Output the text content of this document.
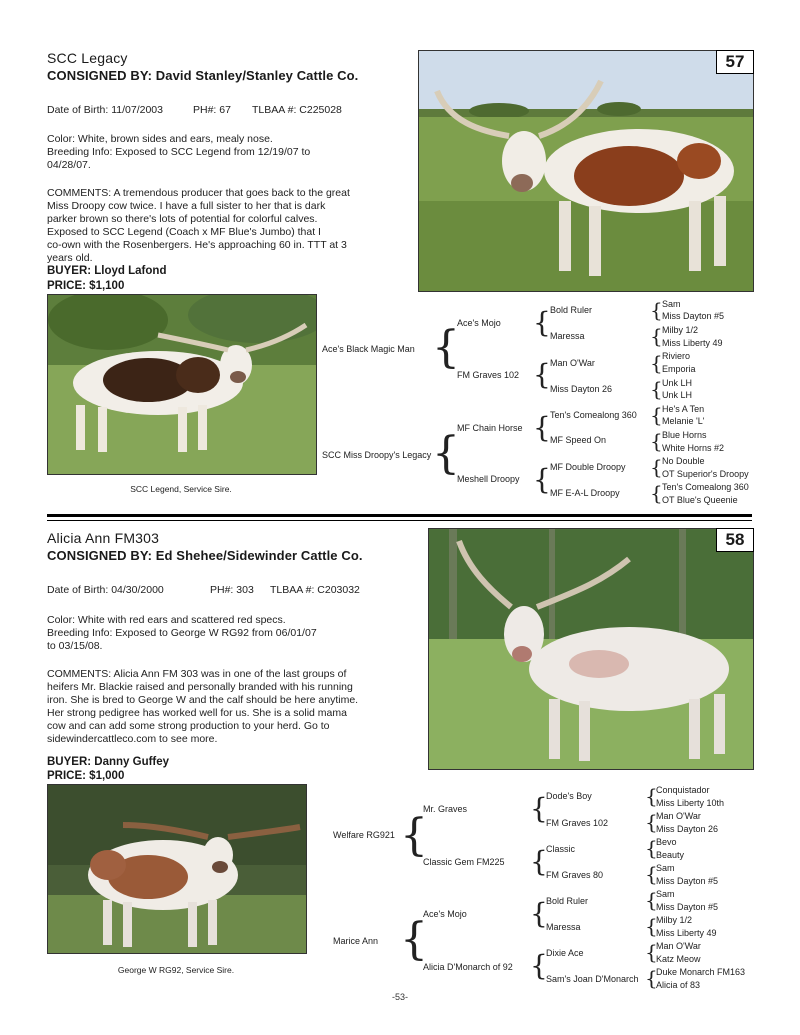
SCC Legacy
CONSIGNED BY: David Stanley/Stanley Cattle Co.
Date of Birth: 11/07/2003	PH#: 67 TLBAA #: C225028
Color: White, brown sides and ears, mealy nose.
Breeding Info: Exposed to SCC Legend from 12/19/07 to
04/28/07.
COMMENTS: A tremendous producer that goes back to the great
Miss Droopy cow twice. I have a full sister to her that is dark
parker brown so there's lots of potential for colorful calves.
Exposed to SCC Legend (Coach x MF Blue's Jumbo) that I
co-own with the Rosenbergers. He's approaching 60 in. TTT at 3
years old.
BUYER: Lloyd Lafond
PRICE: $1,100
57
SCC Legend, Service Sire.
Ace's Black Magic Man
SCC Miss Droopy's Legacy
{
{
Ace's Mojo
FM Graves 102
MF Chain Horse
Meshell Droopy
{
{
{
{
Bold Ruler
Maressa
Man O'War
Miss Dayton 26
Ten's Comealong 360
MF Speed On
MF Double Droopy
MF E-A-L Droopy
{
{
{
{
{
{
{
{
Sam
Miss Dayton #5
Milby 1/2
Miss Liberty 49
Riviero
Emporia
Unk LH
Unk LH
He's A Ten
Melanie 'L'
Blue Horns
White Horns #2
No Double
OT Superior's Droopy
Ten's Comealong 360
OT Blue's Queenie
Alicia Ann FM303
CONSIGNED BY: Ed Shehee/Sidewinder Cattle Co.
Date of Birth: 04/30/2000	PH#: 303 TLBAA #: C203032
Color: White with red ears and scattered red specs.
Breeding Info: Exposed to George W RG92 from 06/01/07
to 03/15/08.
COMMENTS: Alicia Ann FM 303 was in one of the last groups of
heifers Mr. Blackie raised and personally branded with his running
iron. She is bred to George W and the calf should be here anytime.
Her strong pedigree has worked well for us. She is a solid mama
cow and can add some strong production to your herd. Go to
sidewindercattleco.com to see more.
BUYER: Danny Guffey
PRICE: $1,000
58
George W RG92, Service Sire.
Welfare RG921
Marice Ann
{
{
Mr. Graves
Classic Gem FM225
Ace's Mojo
Alicia D'Monarch of 92
{
{
{
{
Dode's Boy
FM Graves 102
Classic
FM Graves 80
Bold Ruler
Maressa
Dixie Ace
Sam's Joan D'Monarch
{
{
{
{
{
{
{
{
Conquistador
Miss Liberty 10th
Man O'War
Miss Dayton 26
Bevo
Beauty
Sam
Miss Dayton #5
Sam
Miss Dayton #5
Milby 1/2
Miss Liberty 49
Man O'War
Katz Meow
Duke Monarch FM163
Alicia of 83
-53-
